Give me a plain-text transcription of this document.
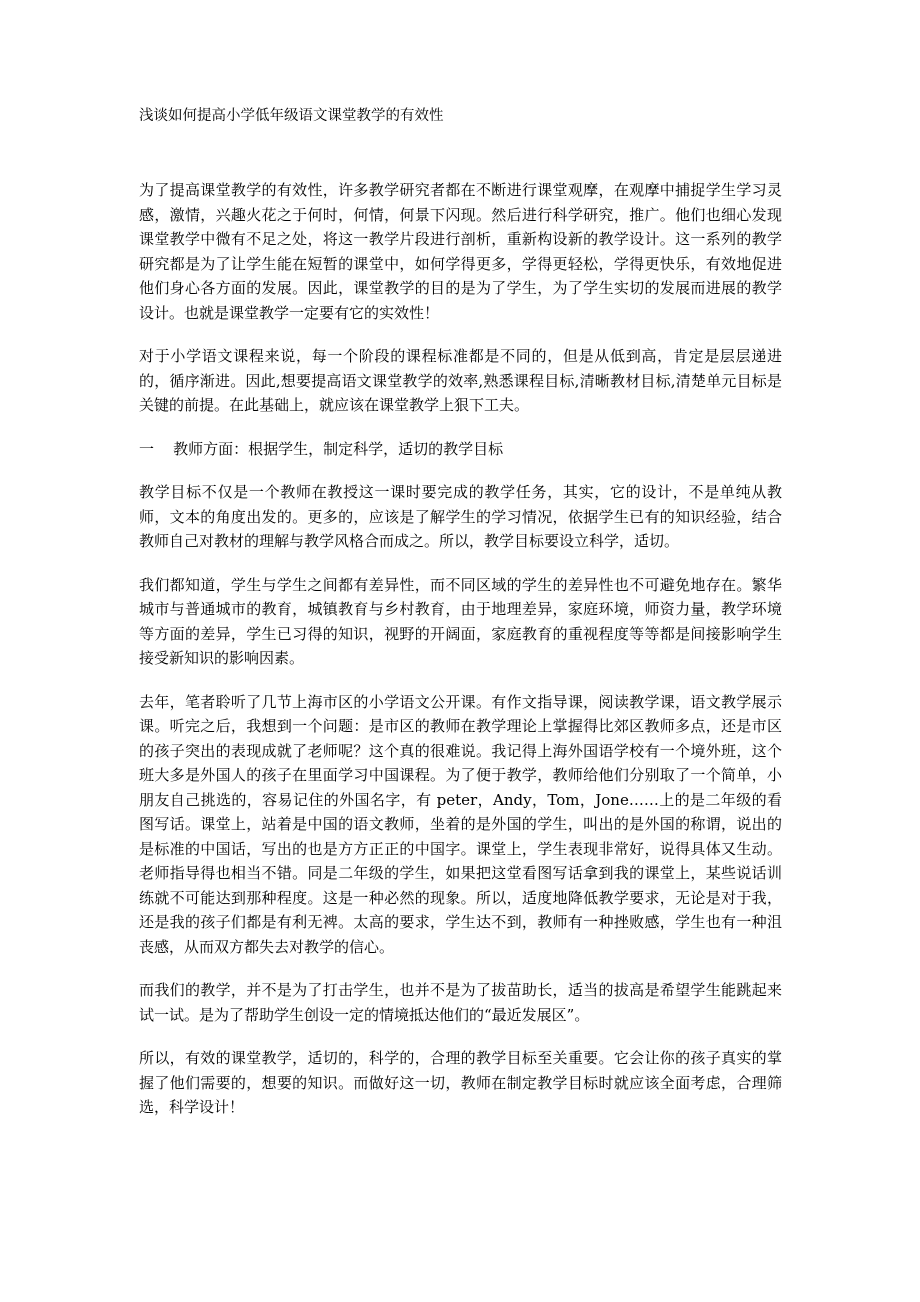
浅谈如何提高小学低年级语文课堂教学的有效性

为了提高课堂教学的有效性，许多教学研究者都在不断进行课堂观摩，在观摩中捕捉学生学习灵感，激情，兴趣火花之于何时，何情，何景下闪现。然后进行科学研究，推广。他们也细心发现课堂教学中微有不足之处，将这一教学片段进行剖析，重新构设新的教学设计。这一系列的教学研究都是为了让学生能在短暂的课堂中，如何学得更多，学得更轻松，学得更快乐，有效地促进他们身心各方面的发展。因此，课堂教学的目的是为了学生，为了学生实切的发展而进展的教学设计。也就是课堂教学一定要有它的实效性！

对于小学语文课程来说，每一个阶段的课程标准都是不同的，但是从低到高，肯定是层层递进的，循序渐进。因此,想要提高语文课堂教学的效率,熟悉课程目标,清晰教材目标,清楚单元目标是关键的前提。在此基础上，就应该在课堂教学上狠下工夫。

一    教师方面：根据学生，制定科学，适切的教学目标

教学目标不仅是一个教师在教授这一课时要完成的教学任务，其实，它的设计，不是单纯从教师，文本的角度出发的。更多的，应该是了解学生的学习情况，依据学生已有的知识经验，结合教师自己对教材的理解与教学风格合而成之。所以，教学目标要设立科学，适切。

我们都知道，学生与学生之间都有差异性，而不同区域的学生的差异性也不可避免地存在。繁华城市与普通城市的教育，城镇教育与乡村教育，由于地理差异，家庭环境，师资力量，教学环境等方面的差异，学生已习得的知识，视野的开阔面，家庭教育的重视程度等等都是间接影响学生接受新知识的影响因素。

去年，笔者聆听了几节上海市区的小学语文公开课。有作文指导课，阅读教学课，语文教学展示课。听完之后，我想到一个问题：是市区的教师在教学理论上掌握得比郊区教师多点，还是市区的孩子突出的表现成就了老师呢？这个真的很难说。我记得上海外国语学校有一个境外班，这个班大多是外国人的孩子在里面学习中国课程。为了便于教学，教师给他们分别取了一个简单，小朋友自己挑选的，容易记住的外国名字，有 peter，Andy，Tom，Jone……上的是二年级的看图写话。课堂上，站着是中国的语文教师，坐着的是外国的学生，叫出的是外国的称谓，说出的是标准的中国话，写出的也是方方正正的中国字。课堂上，学生表现非常好，说得具体又生动。老师指导得也相当不错。同是二年级的学生，如果把这堂看图写话拿到我的课堂上，某些说话训练就不可能达到那种程度。这是一种必然的现象。所以，适度地降低教学要求，无论是对于我，还是我的孩子们都是有利无裨。太高的要求，学生达不到，教师有一种挫败感，学生也有一种沮丧感，从而双方都失去对教学的信心。

而我们的教学，并不是为了打击学生，也并不是为了拔苗助长，适当的拔高是希望学生能跳起来试一试。是为了帮助学生创设一定的情境抵达他们的“最近发展区”。

所以，有效的课堂教学，适切的，科学的，合理的教学目标至关重要。它会让你的孩子真实的掌握了他们需要的，想要的知识。而做好这一切，教师在制定教学目标时就应该全面考虑，合理筛选，科学设计！
